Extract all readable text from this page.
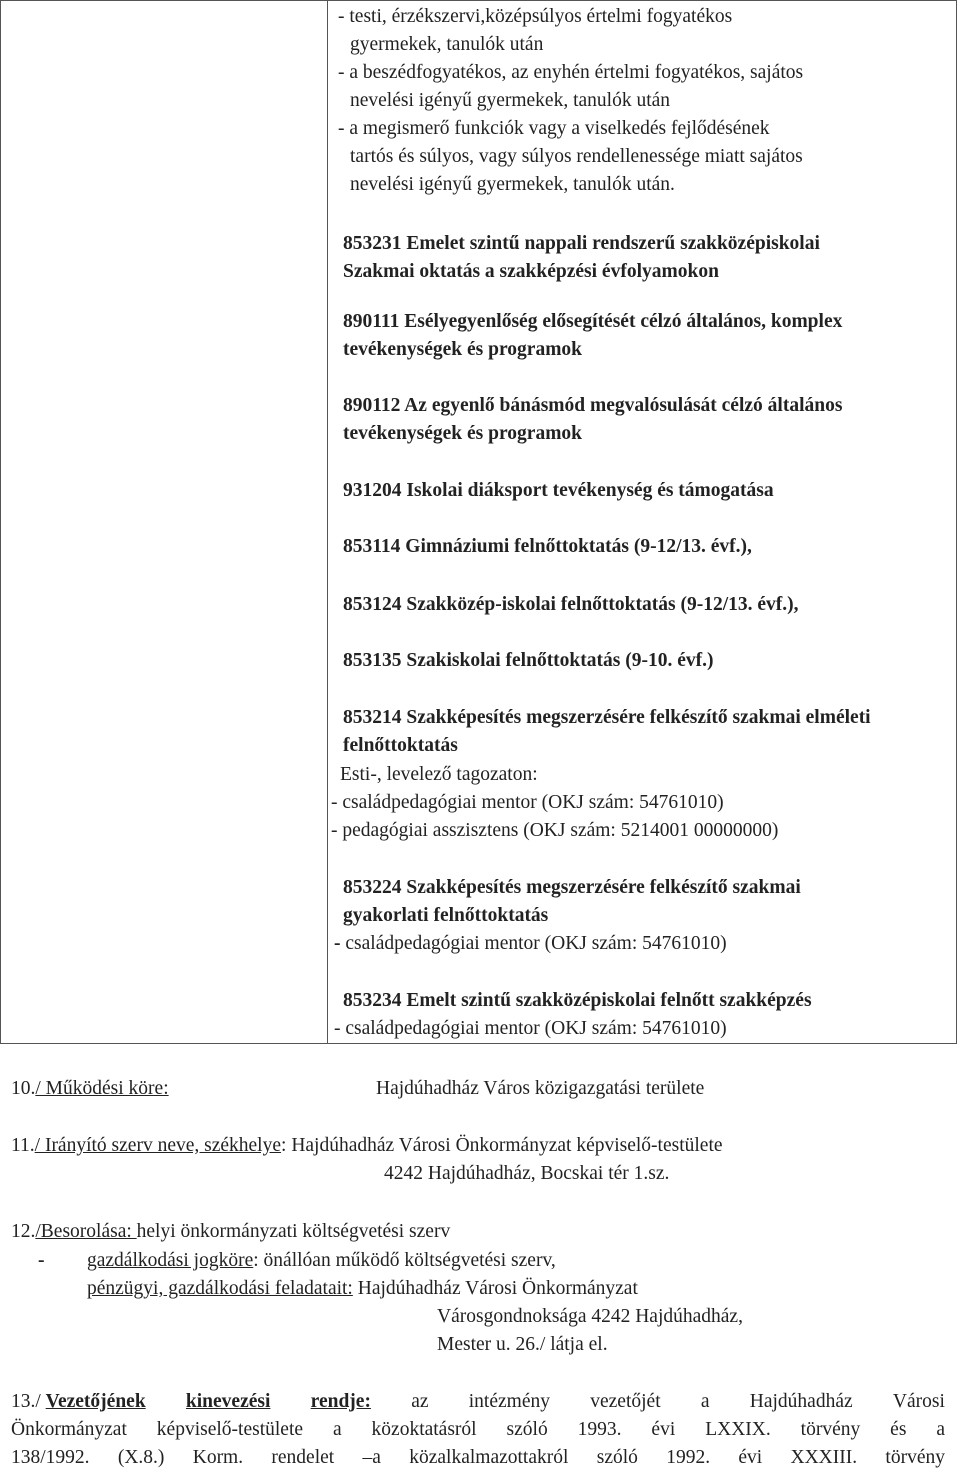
- testi, érzékszervi,középsúlyos értelmi fogyatékos
gyermekek, tanulók után
- a beszédfogyatékos, az enyhén értelmi fogyatékos, sajátos
nevelési igényű gyermekek, tanulók után
- a megismerő funkciók vagy a viselkedés fejlődésének
tartós és súlyos, vagy súlyos rendellenessége miatt sajátos
nevelési igényű gyermekek, tanulók után.
853231 Emelet szintű nappali rendszerű szakközépiskolai
Szakmai oktatás a szakképzési évfolyamokon
890111 Esélyegyenlőség elősegítését célzó általános, komplex
tevékenységek és programok
890112 Az egyenlő bánásmód megvalósulását célzó általános
tevékenységek és programok
931204 Iskolai diáksport tevékenység és támogatása
853114 Gimnáziumi felnőttoktatás (9-12/13. évf.),
853124 Szakközép-iskolai felnőttoktatás (9-12/13. évf.),
853135 Szakiskolai felnőttoktatás (9-10. évf.)
853214 Szakképesítés megszerzésére felkészítő szakmai elméleti
felnőttoktatás
Esti-, levelező tagozaton:
- családpedagógiai mentor (OKJ szám: 54761010)
- pedagógiai asszisztens (OKJ szám: 5214001 00000000)
853224 Szakképesítés megszerzésére felkészítő szakmai
gyakorlati felnőttoktatás
- családpedagógiai mentor (OKJ szám: 54761010)
853234 Emelt szintű szakközépiskolai felnőtt szakképzés
- családpedagógiai mentor (OKJ szám: 54761010)
10./ Működési köre:	Hajdúhadház Város közigazgatási területe
11./ Irányító szerv neve, székhelye: Hajdúhadház Városi Önkormányzat képviselő-testülete
4242 Hajdúhadház, Bocskai tér 1.sz.
12./Besorolása: helyi önkormányzati költségvetési szerv
- gazdálkodási jogköre: önállóan működő költségvetési szerv,
pénzügyi, gazdálkodási feladatait: Hajdúhadház Városi Önkormányzat
Városgondnoksága 4242 Hajdúhadház,
Mester u. 26./ látja el.
13./ Vezetőjének kinevezési rendje: az intézmény vezetőjét a Hajdúhadház Városi
Önkormányzat képviselő-testülete a közoktatásról szóló 1993. évi LXXIX. törvény és a
138/1992. (X.8.) Korm. rendelet –a közalkalmazottakról szóló 1992. évi XXXIII. törvény
